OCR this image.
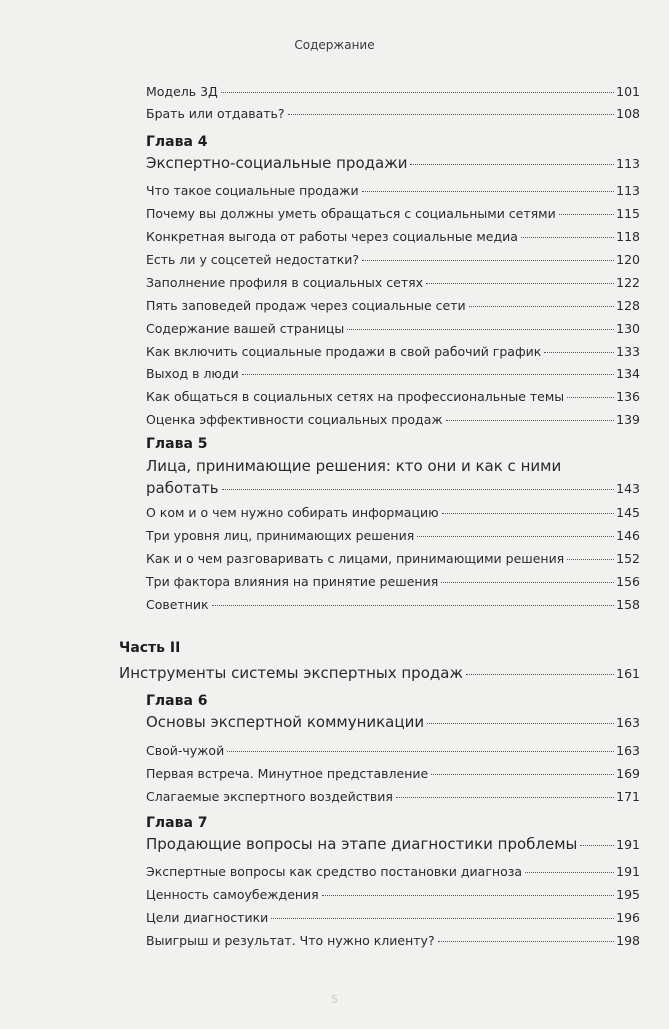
Содержание
Модель 3Д	101
Брать или отдавать?	108
Глава 4
Экспертно-социальные продажи	113
Что такое социальные продажи	113
Почему вы должны уметь обращаться с социальными сетями	115
Конкретная выгода от работы через социальные медиа	118
Есть ли у соцсетей недостатки?	120
Заполнение профиля в социальных сетях	122
Пять заповедей продаж через социальные сети	128
Содержание вашей страницы	130
Как включить социальные продажи в свой рабочий график	133
Выход в люди	134
Как общаться в социальных сетях на профессиональные темы	136
Оценка эффективности социальных продаж	139
Глава 5
Лица, принимающие решения: кто они и как с ними
работать	143
О ком и о чем нужно собирать информацию	145
Три уровня лиц, принимающих решения	146
Как и о чем разговаривать с лицами, принимающими решения	152
Три фактора влияния на принятие решения	156
Советник	158
Часть II
Инструменты системы экспертных продаж	161
Глава 6
Основы экспертной коммуникации	163
Свой-чужой	163
Первая встреча. Минутное представление	169
Слагаемые экспертного воздействия	171
Глава 7
Продающие вопросы на этапе диагностики проблемы	191
Экспертные вопросы как средство постановки диагноза	191
Ценность самоубеждения	195
Цели диагностики	196
Выигрыш и результат. Что нужно клиенту?	198
5
